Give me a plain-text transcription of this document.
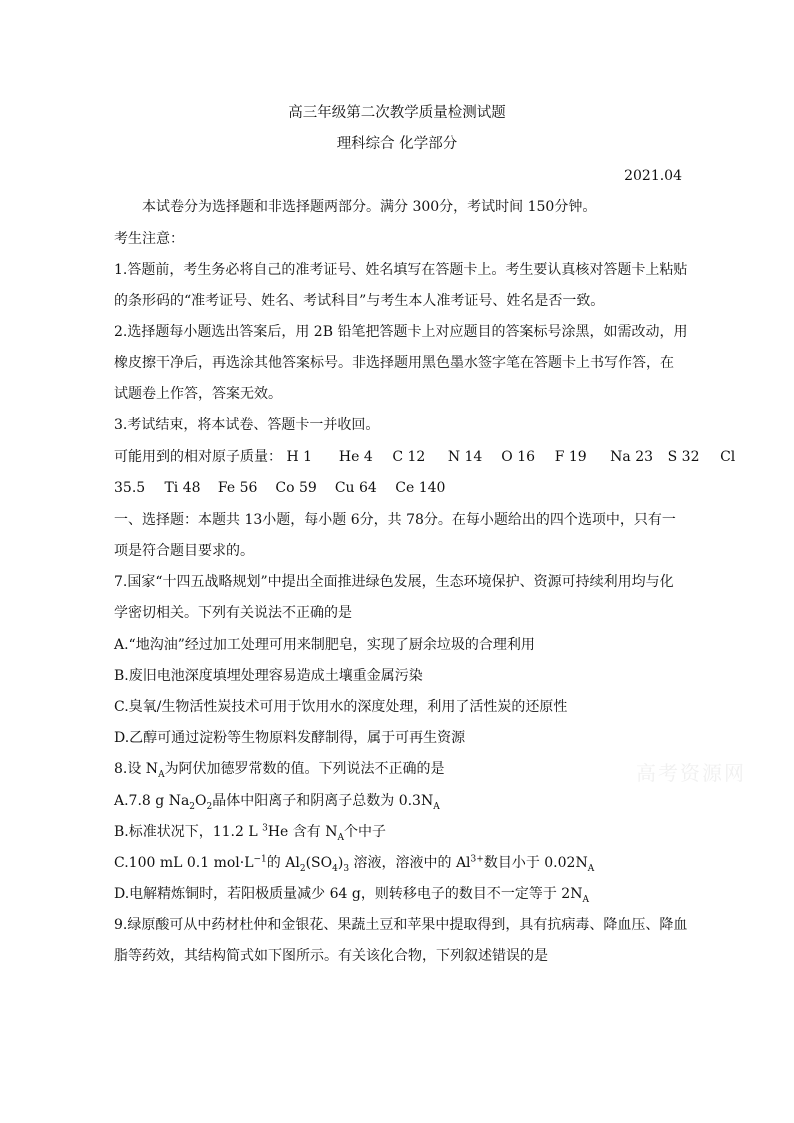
高三年级第二次教学质量检测试题
理科综合 化学部分
2021.04
本试卷分为选择题和非选择题两部分。满分 300分，考试时间 150分钟。
考生注意：
1.答题前，考生务必将自己的准考证号、姓名填写在答题卡上。考生要认真核对答题卡上粘贴
的条形码的“准考证号、姓名、考试科目”与考生本人准考证号、姓名是否一致。
2.选择题每小题选出答案后，用 2B 铅笔把答题卡上对应题目的答案标号涂黑，如需改动，用
橡皮擦干净后，再选涂其他答案标号。非选择题用黑色墨水签字笔在答题卡上书写作答，在
试题卷上作答，答案无效。
3.考试结束，将本试卷、答题卡一并收回。
可能用到的相对原子质量： H 1 He 4 C 12 N 14 O 16 F 19 Na 23 S 32 Cl
35.5 Ti 48 Fe 56 Co 59 Cu 64 Ce 140
一、选择题：本题共 13小题，每小题 6分，共 78分。在每小题给出的四个选项中，只有一
项是符合题目要求的。
7.国家“十四五战略规划”中提出全面推进绿色发展，生态环境保护、资源可持续利用均与化
学密切相关。下列有关说法不正确的是
A.“地沟油”经过加工处理可用来制肥皂，实现了厨余垃圾的合理利用
B.废旧电池深度填埋处理容易造成土壤重金属污染
C.臭氧/生物活性炭技术可用于饮用水的深度处理，利用了活性炭的还原性
D.乙醇可通过淀粉等生物原料发酵制得，属于可再生资源
8.设 $N_A$为阿伏加德罗常数的值。下列说法不正确的是
A.7.8 g $Na_2O_2$晶体中阳离子和阴离子总数为 $0.3N_A$
B.标准状况下，11.2 L $^3$He 含有 $N_A$个中子
C.100 mL 0.1 $mol\cdot L^{-1}$的 $Al_2(SO_4)_3$ 溶液，溶液中的 $Al^{3+}$数目小于 $0.02N_A$
D.电解精炼铜时，若阳极质量减少 64 g，则转移电子的数目不一定等于 $2N_A$
9.绿原酸可从中药材杜仲和金银花、果蔬土豆和苹果中提取得到，具有抗病毒、降血压、降血
脂等药效，其结构简式如下图所示。有关该化合物，下列叙述错误的是
高考资源网
